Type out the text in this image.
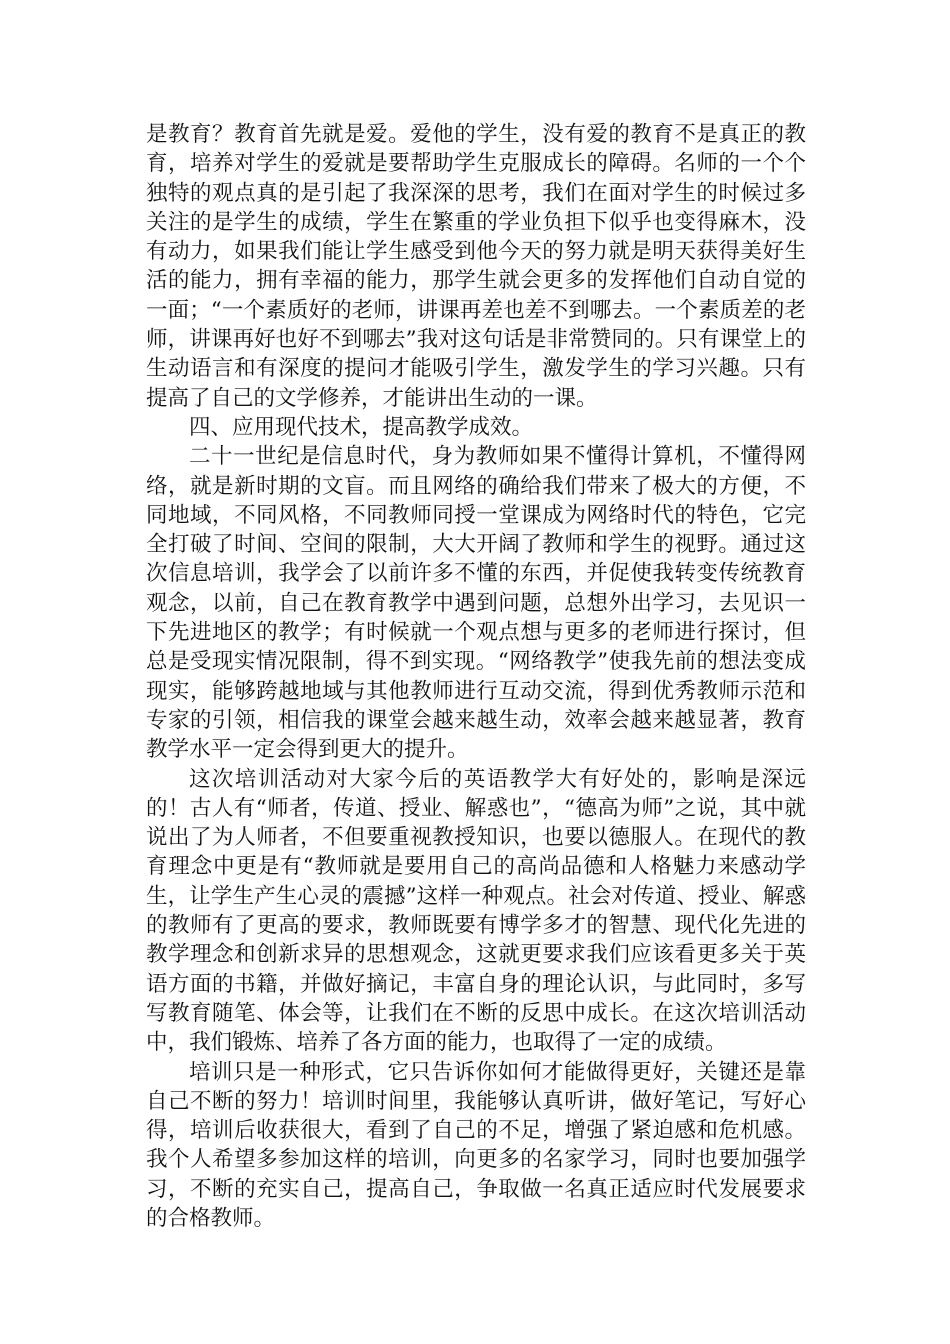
是教育？教育首先就是爱。爱他的学生，没有爱的教育不是真正的教育，培养对学生的爱就是要帮助学生克服成长的障碍。名师的一个个独特的观点真的是引起了我深深的思考，我们在面对学生的时候过多关注的是学生的成绩，学生在繁重的学业负担下似乎也变得麻木，没有动力，如果我们能让学生感受到他今天的努力就是明天获得美好生活的能力，拥有幸福的能力，那学生就会更多的发挥他们自动自觉的一面；“一个素质好的老师，讲课再差也差不到哪去。一个素质差的老师，讲课再好也好不到哪去”我对这句话是非常赞同的。只有课堂上的生动语言和有深度的提问才能吸引学生，激发学生的学习兴趣。只有提高了自己的文学修养，才能讲出生动的一课。

四、应用现代技术，提高教学成效。

二十一世纪是信息时代，身为教师如果不懂得计算机，不懂得网络，就是新时期的文盲。而且网络的确给我们带来了极大的方便，不同地域，不同风格，不同教师同授一堂课成为网络时代的特色，它完全打破了时间、空间的限制，大大开阔了教师和学生的视野。通过这次信息培训，我学会了以前许多不懂的东西，并促使我转变传统教育观念，以前，自己在教育教学中遇到问题，总想外出学习，去见识一下先进地区的教学；有时候就一个观点想与更多的老师进行探讨，但总是受现实情况限制，得不到实现。“网络教学”使我先前的想法变成现实，能够跨越地域与其他教师进行互动交流，得到优秀教师示范和专家的引领，相信我的课堂会越来越生动，效率会越来越显著，教育教学水平一定会得到更大的提升。

这次培训活动对大家今后的英语教学大有好处的，影响是深远的！古人有“师者，传道、授业、解惑也”，“德高为师”之说，其中就说出了为人师者，不但要重视教授知识，也要以德服人。在现代的教育理念中更是有“教师就是要用自己的高尚品德和人格魅力来感动学生，让学生产生心灵的震撼”这样一种观点。社会对传道、授业、解惑的教师有了更高的要求，教师既要有博学多才的智慧、现代化先进的教学理念和创新求异的思想观念，这就更要求我们应该看更多关于英语方面的书籍，并做好摘记，丰富自身的理论认识，与此同时，多写写教育随笔、体会等，让我们在不断的反思中成长。在这次培训活动中，我们锻炼、培养了各方面的能力，也取得了一定的成绩。

培训只是一种形式，它只告诉你如何才能做得更好，关键还是靠自己不断的努力！培训时间里，我能够认真听讲，做好笔记，写好心得，培训后收获很大，看到了自己的不足，增强了紧迫感和危机感。我个人希望多参加这样的培训，向更多的名家学习，同时也要加强学习，不断的充实自己，提高自己，争取做一名真正适应时代发展要求的合格教师。
